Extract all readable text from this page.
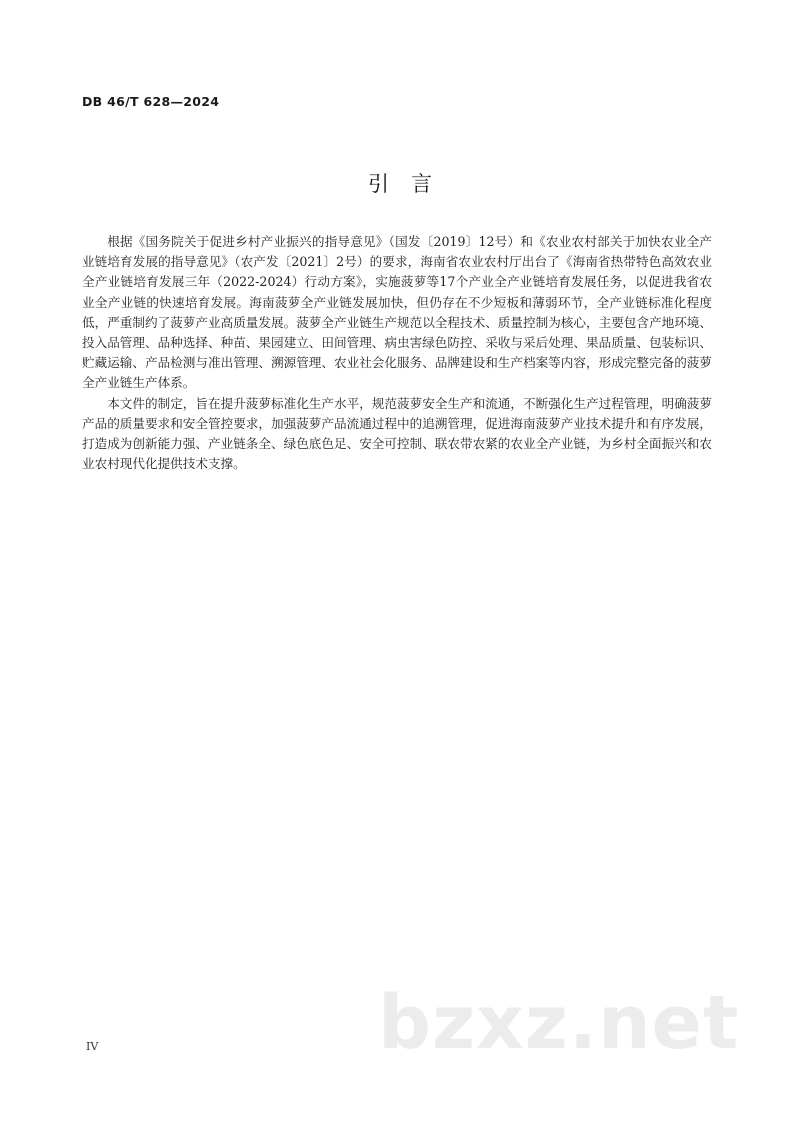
DB 46/T 628—2024
引言

根据《国务院关于促进乡村产业振兴的指导意见》（国发〔2019〕12号）和《农业农村部关于加快农业全产业链培育发展的指导意见》（农产发〔2021〕2号）的要求，海南省农业农村厅出台了《海南省热带特色高效农业全产业链培育发展三年（2022-2024）行动方案》，实施菠萝等17个产业全产业链培育发展任务，以促进我省农业全产业链的快速培育发展。海南菠萝全产业链发展加快，但仍存在不少短板和薄弱环节，全产业链标准化程度低，严重制约了菠萝产业高质量发展。菠萝全产业链生产规范以全程技术、质量控制为核心，主要包含产地环境、投入品管理、品种选择、种苗、果园建立、田间管理、病虫害绿色防控、采收与采后处理、果品质量、包装标识、贮藏运输、产品检测与准出管理、溯源管理、农业社会化服务、品牌建设和生产档案等内容，形成完整完备的菠萝全产业链生产体系。

本文件的制定，旨在提升菠萝标准化生产水平，规范菠萝安全生产和流通，不断强化生产过程管理，明确菠萝产品的质量要求和安全管控要求，加强菠萝产品流通过程中的追溯管理，促进海南菠萝产业技术提升和有序发展，打造成为创新能力强、产业链条全、绿色底色足、安全可控制、联农带农紧的农业全产业链，为乡村全面振兴和农业农村现代化提供技术支撑。

bzxz.net
IV
